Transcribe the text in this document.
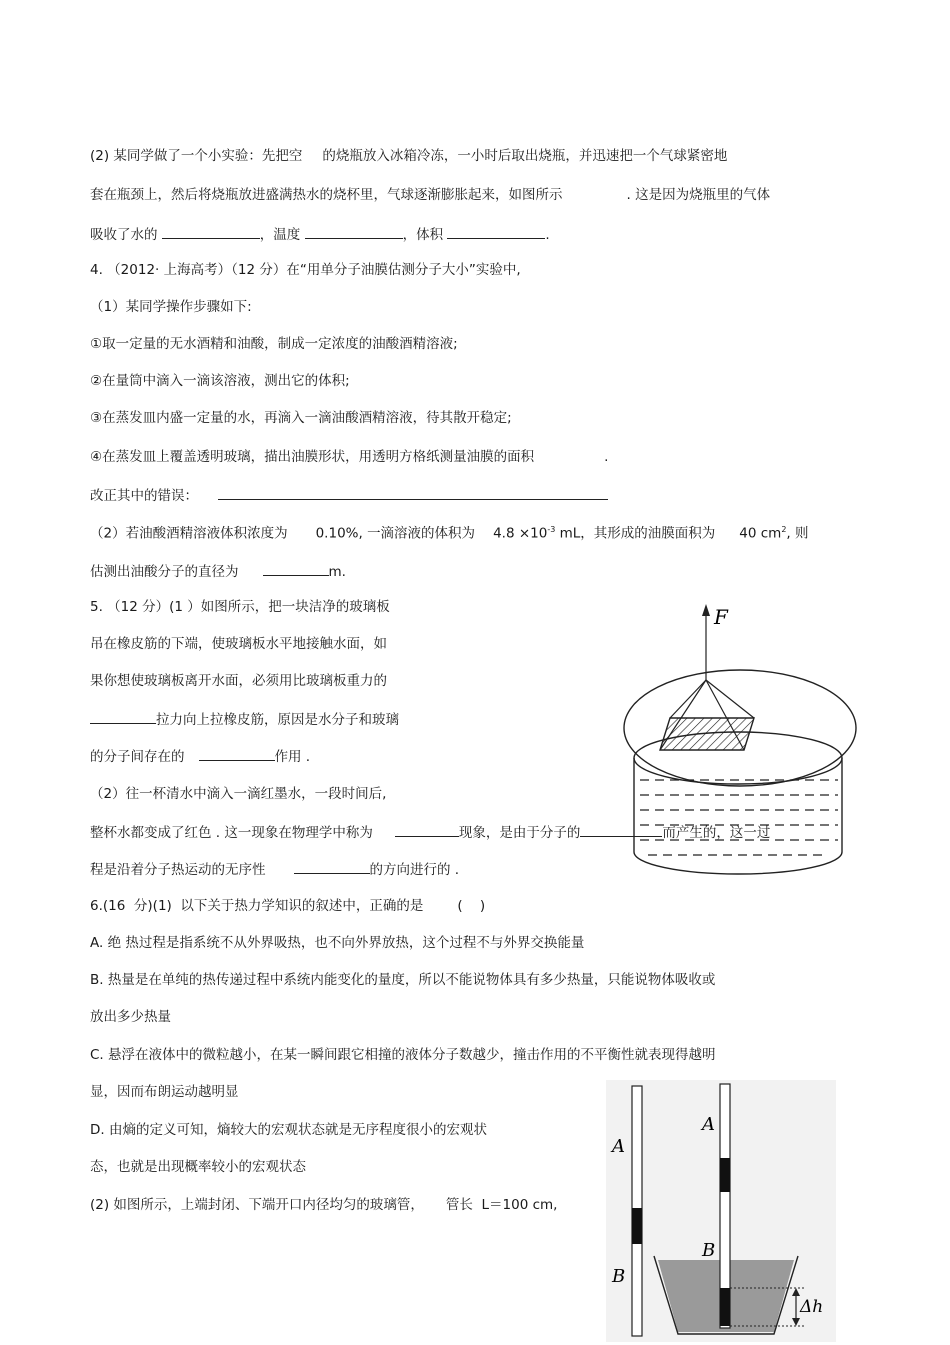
(2) 某同学做了一个小实验：先把空 的烧瓶放入冰箱冷冻，一小时后取出烧瓶，并迅速把一个气球紧密地
套在瓶颈上，然后将烧瓶放进盛满热水的烧杯里，气球逐渐膨胀起来，如图所示	. 这是因为烧瓶里的气体
吸收了水的	，温度	，体积	.
4. （2012· 上海高考）（12 分）在“用单分子油膜估测分子大小”实验中,
（1）某同学操作步骤如下:
①取一定量的无水酒精和油酸，制成一定浓度的油酸酒精溶液;
②在量筒中滴入一滴该溶液，测出它的体积;
③在蒸发皿内盛一定量的水，再滴入一滴油酸酒精溶液，待其散开稳定;
④在蒸发皿上覆盖透明玻璃，描出油膜形状，用透明方格纸测量油膜的面积	.
改正其中的错误：
（2）若油酸酒精溶液体积浓度为 0.10%, 一滴溶液的体积为 $4.8 \times 10^{-3}$ mL，其形成的油膜面积为 40 $cm^2$, 则
估测出油酸分子的直径为	m.
5. （12 分）(1 ）如图所示，把一块洁净的玻璃板
吊在橡皮筋的下端，使玻璃板水平地接触水面，如
果你想使玻璃板离开水面，必须用比玻璃板重力的
拉力向上拉橡皮筋，原因是水分子和玻璃
的分子间存在的	作用 .
（2）往一杯清水中滴入一滴红墨水，一段时间后,
整杯水都变成了红色 . 这一现象在物理学中称为	现象，是由于分子的	而产生的，这一过
程是沿着分子热运动的无序性	的方向进行的 .
F
6.(16  分)(1)  以下关于热力学知识的叙述中，正确的是	(    )
A. 绝 热过程是指系统不从外界吸热，也不向外界放热，这个过程不与外界交换能量
B. 热量是在单纯的热传递过程中系统内能变化的量度，所以不能说物体具有多少热量，只能说物体吸收或
放出多少热量
C. 悬浮在液体中的微粒越小，在某一瞬间跟它相撞的液体分子数越少，撞击作用的不平衡性就表现得越明
显，因而布朗运动越明显
D. 由熵的定义可知，熵较大的宏观状态就是无序程度很小的宏观状
态，也就是出现概率较小的宏观状态
(2) 如图所示，上端封闭、下端开口内径均匀的玻璃管， 管长  L＝100 cm,
A
B
A
B
Δh
